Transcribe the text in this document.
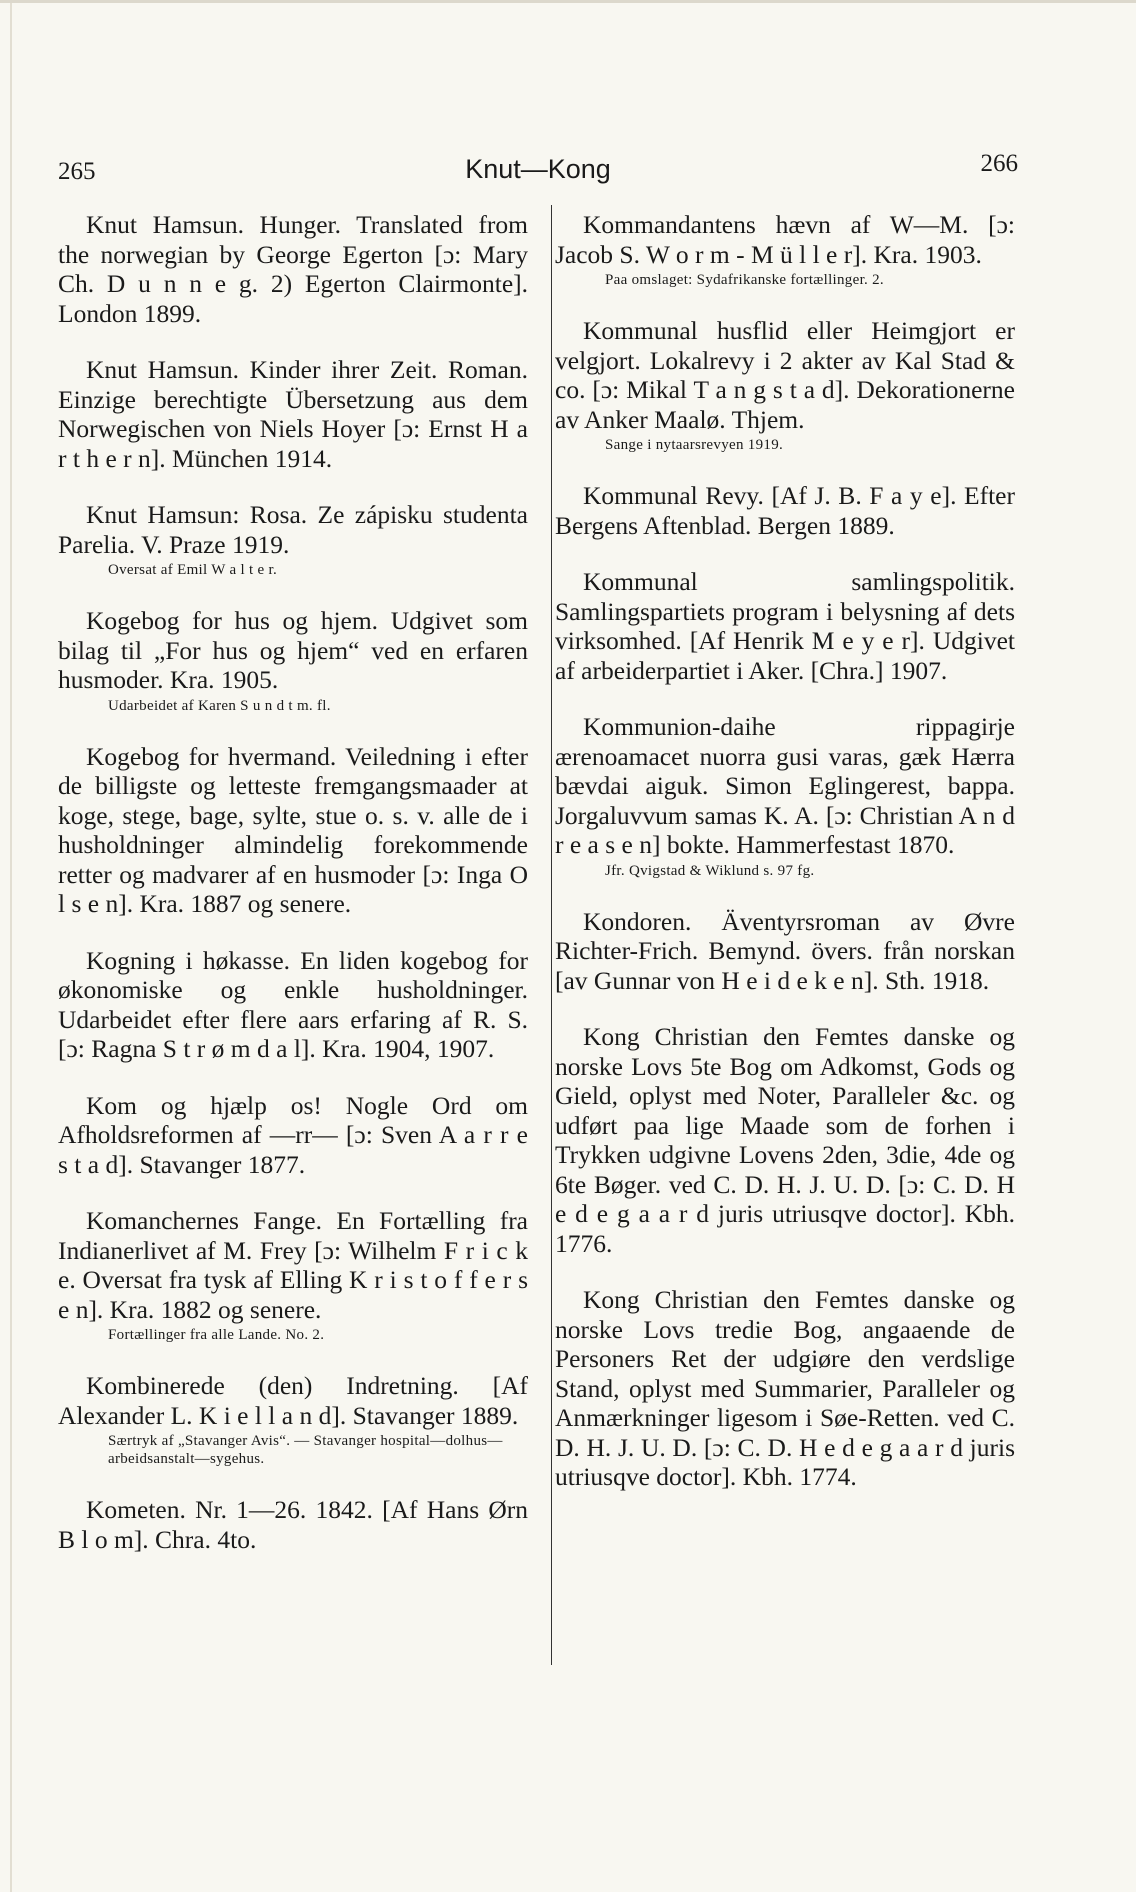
265	Knut—Kong	266

Knut Hamsun. Hunger. Translated from the norwegian by George Egerton [ɔ: Mary Ch. D u n n e g. 2) Egerton Clairmonte]. London 1899.

Knut Hamsun. Kinder ihrer Zeit. Roman. Einzige berechtigte Übersetzung aus dem Norwegischen von Niels Hoyer [ɔ: Ernst H a r t h e r n]. München 1914.

Knut Hamsun: Rosa. Ze zápisku studenta Parelia. V. Praze 1919.

Oversat af Emil W a l t e r.

Kogebog for hus og hjem. Udgivet som bilag til „For hus og hjem“ ved en erfaren husmoder. Kra. 1905.

Udarbeidet af Karen S u n d t m. fl.

Kogebog for hvermand. Veiledning i efter de billigste og letteste fremgangsmaader at koge, stege, bage, sylte, stue o. s. v. alle de i husholdninger almindelig forekommende retter og madvarer af en husmoder [ɔ: Inga O l s e n]. Kra. 1887 og senere.

Kogning i høkasse. En liden kogebog for økonomiske og enkle husholdninger. Udarbeidet efter flere aars erfaring af R. S. [ɔ: Ragna S t r ø m d a l]. Kra. 1904, 1907.

Kom og hjælp os! Nogle Ord om Afholdsreformen af —rr— [ɔ: Sven A a r r e s t a d]. Stavanger 1877.

Komanchernes Fange. En Fortælling fra Indianerlivet af M. Frey [ɔ: Wilhelm F r i c k e. Oversat fra tysk af Elling K r i s t o f f e r s e n]. Kra. 1882 og senere.

Fortællinger fra alle Lande. No. 2.

Kombinerede (den) Indretning. [Af Alexander L. K i e l l a n d]. Stavanger 1889.

Særtryk af „Stavanger Avis“. — Stavanger hospital—dolhus—arbeidsanstalt—sygehus.

Kometen. Nr. 1—26. 1842. [Af Hans Ørn B l o m]. Chra. 4to.

Kommandantens hævn af W—M. [ɔ: Jacob S. W o r m - M ü l l e r]. Kra. 1903.

Paa omslaget: Sydafrikanske fortællinger. 2.

Kommunal husflid eller Heimgjort er velgjort. Lokalrevy i 2 akter av Kal Stad & co. [ɔ: Mikal T a n g s t a d]. Dekorationerne av Anker Maalø. Thjem.

Sange i nytaarsrevyen 1919.

Kommunal Revy. [Af J. B. F a y e]. Efter Bergens Aftenblad. Bergen 1889.

Kommunal samlingspolitik. Samlingspartiets program i belysning af dets virksomhed. [Af Henrik M e y e r]. Udgivet af arbeiderpartiet i Aker. [Chra.] 1907.

Kommunion-daihe rippagirje ærenoamacet nuorra gusi varas, gæk Hærra bævdai aiguk. Simon Eglingerest, bappa. Jorgaluvvum samas K. A. [ɔ: Christian A n d r e a s e n] bokte. Hammerfestast 1870.

Jfr. Qvigstad & Wiklund s. 97 fg.

Kondoren. Äventyrsroman av Øvre Richter-Frich. Bemynd. övers. från norskan [av Gunnar von H e i d e k e n]. Sth. 1918.

Kong Christian den Femtes danske og norske Lovs 5te Bog om Adkomst, Gods og Gield, oplyst med Noter, Paralleler &c. og udført paa lige Maade som de forhen i Trykken udgivne Lovens 2den, 3die, 4de og 6te Bøger. ved C. D. H. J. U. D. [ɔ: C. D. H e d e g a a r d juris utriusqve doctor]. Kbh. 1776.

Kong Christian den Femtes danske og norske Lovs tredie Bog, angaaende de Personers Ret der udgiøre den verdslige Stand, oplyst med Summarier, Paralleler og Anmærkninger ligesom i Søe-Retten. ved C. D. H. J. U. D. [ɔ: C. D. H e d e g a a r d juris utriusqve doctor]. Kbh. 1774.
